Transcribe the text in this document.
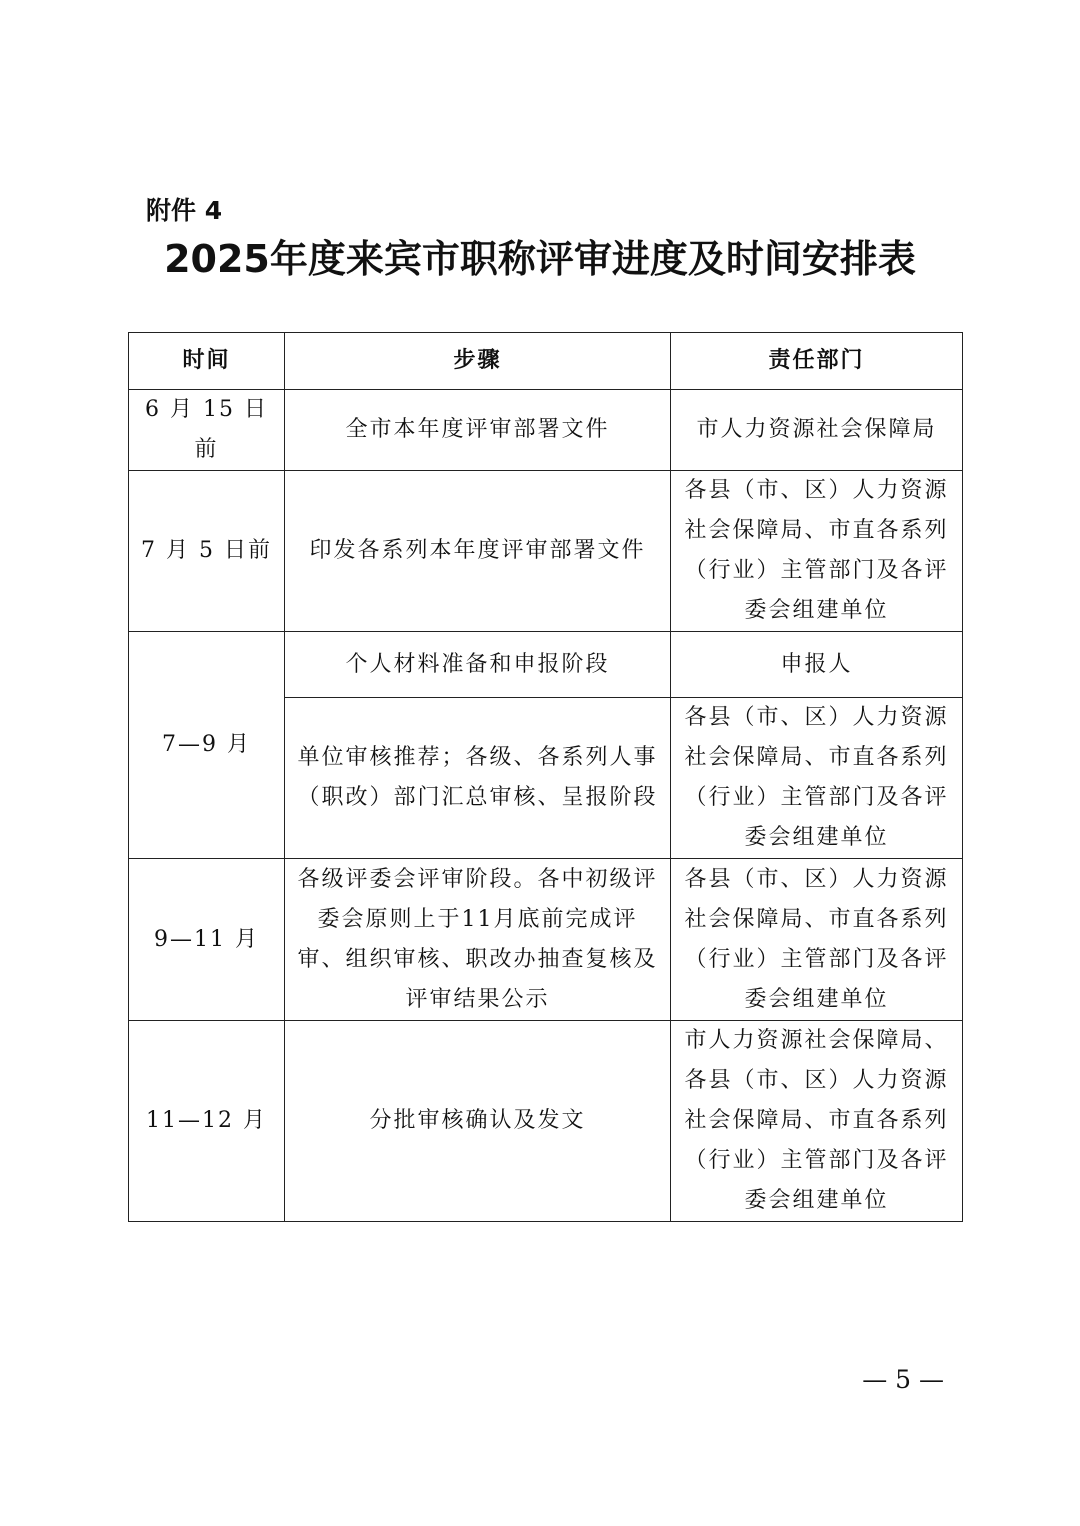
附件 4

2025年度来宾市职称评审进度及时间安排表
时间	步骤	责任部门
6 月 15 日前	全市本年度评审部署文件	市人力资源社会保障局
7 月 5 日前	印发各系列本年度评审部署文件	各县（市、区）人力资源社会保障局、市直各系列（行业）主管部门及各评委会组建单位
7—9 月	个人材料准备和申报阶段	申报人
	单位审核推荐；各级、各系列人事（职改）部门汇总审核、呈报阶段	各县（市、区）人力资源社会保障局、市直各系列（行业）主管部门及各评委会组建单位
9—11 月	各级评委会评审阶段。各中初级评委会原则上于11月底前完成评审、组织审核、职改办抽查复核及评审结果公示	各县（市、区）人力资源社会保障局、市直各系列（行业）主管部门及各评委会组建单位
11—12 月	分批审核确认及发文	市人力资源社会保障局、各县（市、区）人力资源社会保障局、市直各系列（行业）主管部门及各评委会组建单位

— 5 —
